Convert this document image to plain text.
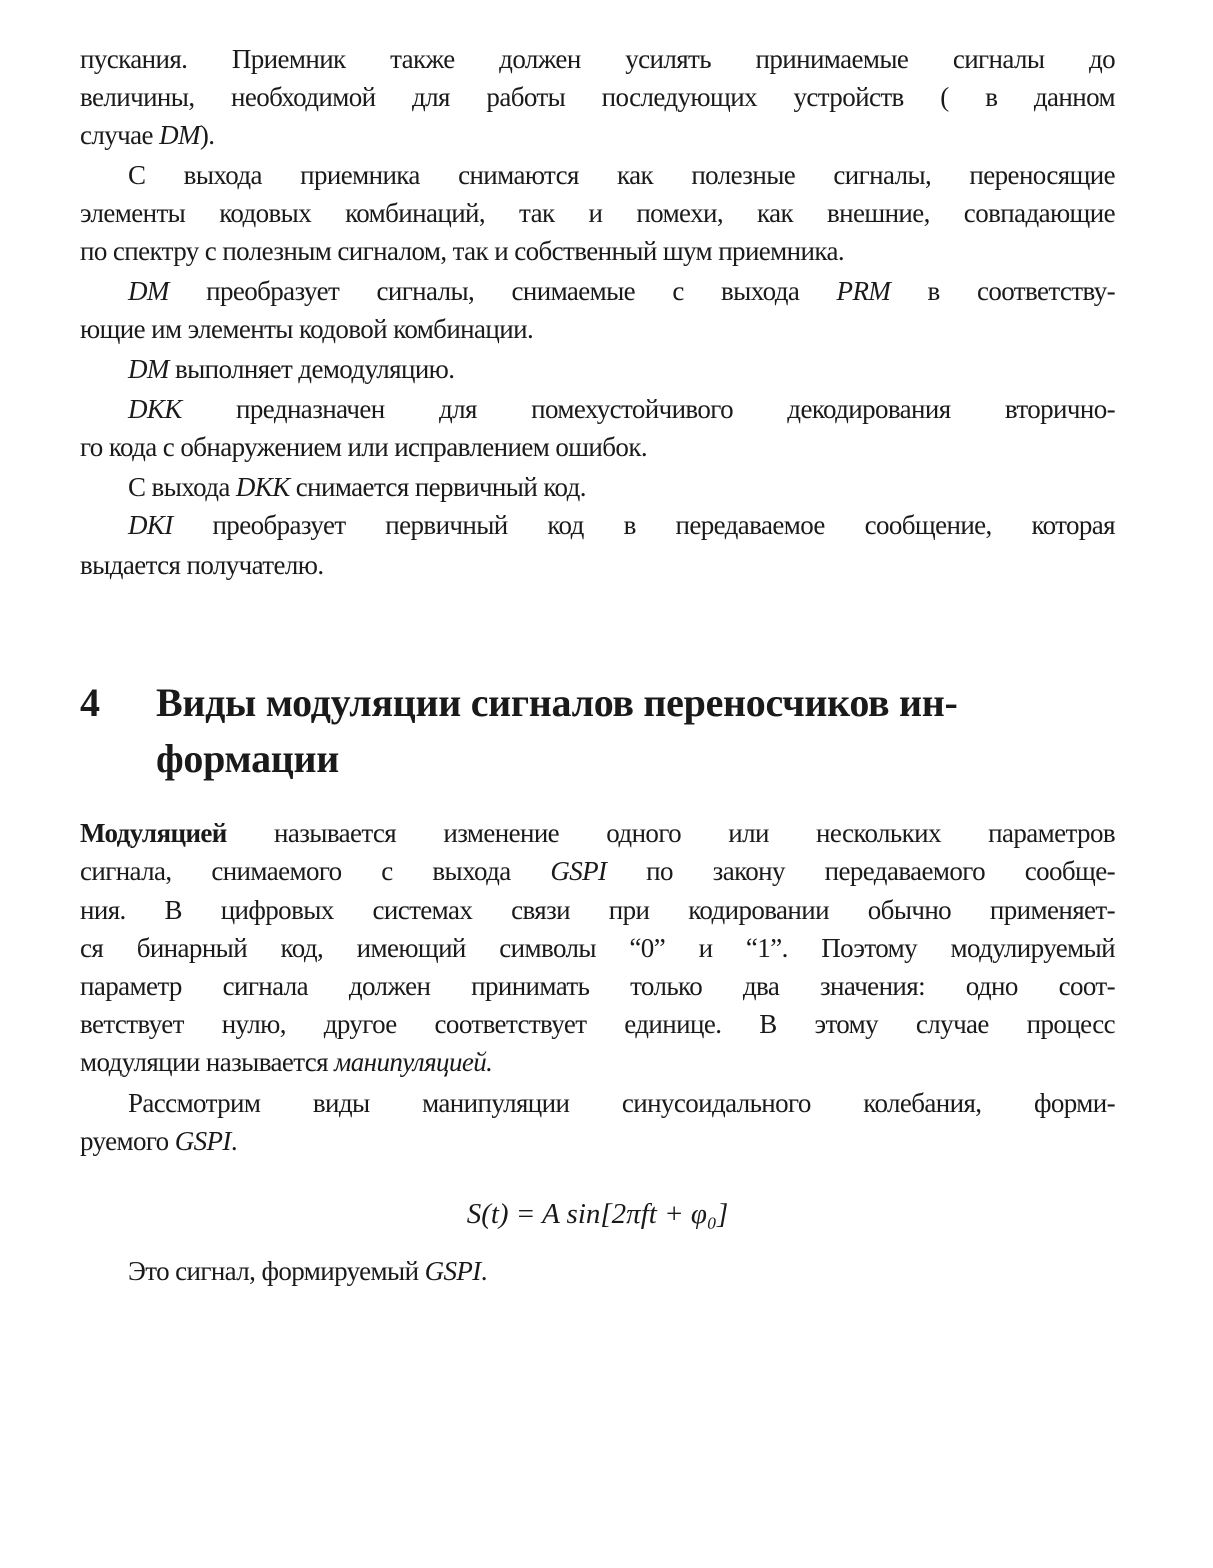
пускания. Приемник также должен усилять принимаемые сигналы до
величины, необходимой для работы последующих устройств ( в данном
случае DM).
С выхода приемника снимаются как полезные сигналы, переносящие
элементы кодовых комбинаций, так и помехи, как внешние, совпадающие
по спектру с полезным сигналом, так и собственный шум приемника.
DM преобразует сигналы, снимаемые с выхода PRM в соответству-
ющие им элементы кодовой комбинации.
DM выполняет демодуляцию.
DKK предназначен для помехустойчивого декодирования вторично-
го кода с обнаружением или исправлением ошибок.
С выхода DKK снимается первичный код.
DKI преобразует первичный код в передаваемое сообщение, которая
выдается получателю.
4 Виды модуляции сигналов переносчиков ин-
формации
Модуляцией называется изменение одного или нескольких параметров
сигнала, снимаемого с выхода GSPI по закону передаваемого сообще-
ния. В цифровых системах связи при кодировании обычно применяет-
ся бинарный код, имеющий символы “0” и “1”. Поэтому модулируемый
параметр сигнала должен принимать только два значения: одно соот-
ветствует нулю, другое соответствует единице. В этому случае процесс
модуляции называется манипуляцией.
Рассмотрим виды манипуляции синусоидального колебания, форми-
руемого GSPI.
S(t) = A sin[2πft + φ₀]
Это сигнал, формируемый GSPI.
